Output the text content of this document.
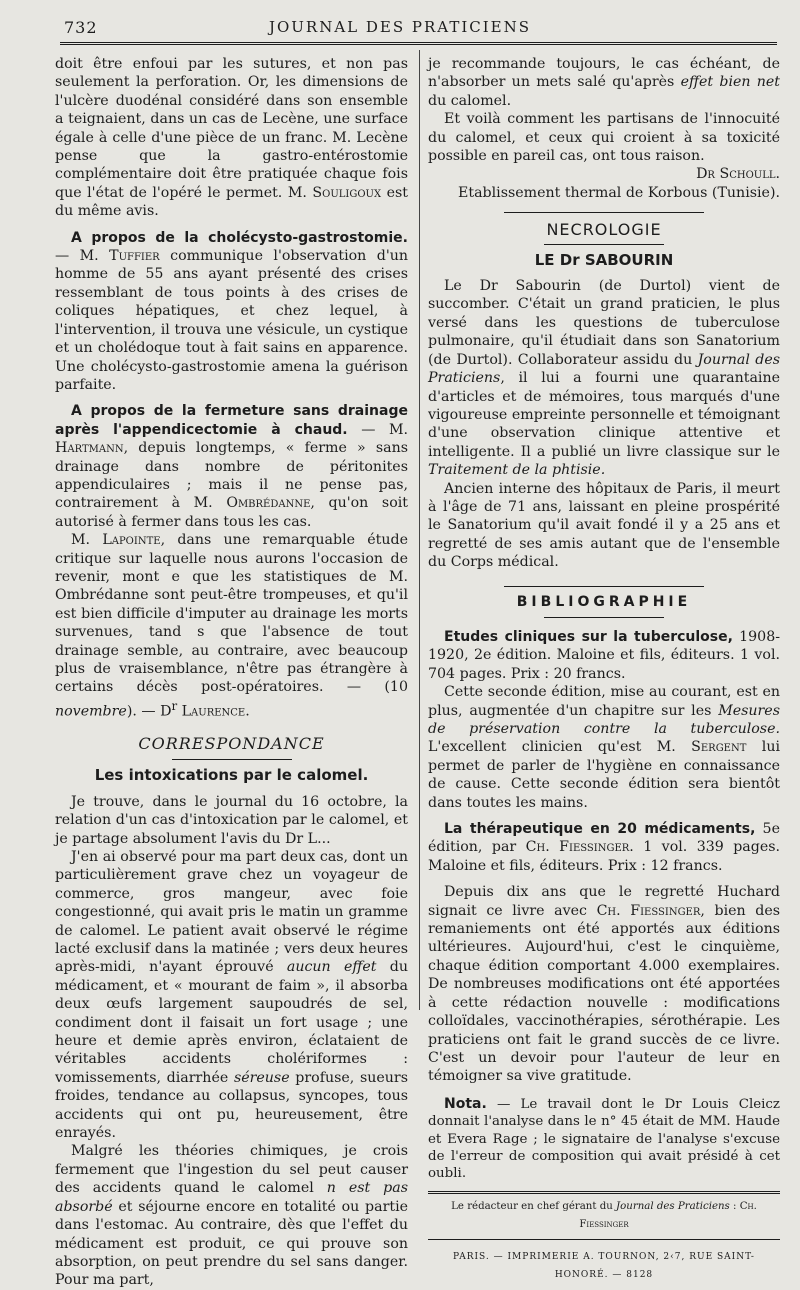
732	JOURNAL DES PRATICIENS

doit être enfoui par les sutures, et non pas seulement la perforation. Or, les dimensions de l'ulcère duodénal considéré dans son ensemble a teignaient, dans un cas de Lecène, une surface égale à celle d'une pièce de un franc. M. Lecène pense que la gastro-entérostomie complémentaire doit être pratiquée chaque fois que l'état de l'opéré le permet. M. Souligoux est du même avis.

A propos de la cholécysto-gastrostomie. — M. Tuffier communique l'observation d'un homme de 55 ans ayant présenté des crises ressemblant de tous points à des crises de coliques hépatiques, et chez lequel, à l'intervention, il trouva une vésicule, un cystique et un cholédoque tout à fait sains en apparence. Une cholécysto-gastrostomie amena la guérison parfaite.

A propos de la fermeture sans drainage après l'appendicectomie à chaud. — M. Hartmann, depuis longtemps, « ferme » sans drainage dans nombre de péritonites appendiculaires ; mais il ne pense pas, contrairement à M. Ombrédanne, qu'on soit autorisé à fermer dans tous les cas.

M. Lapointe, dans une remarquable étude critique sur laquelle nous aurons l'occasion de revenir, mont e que les statistiques de M. Ombrédanne sont peut-être trompeuses, et qu'il est bien difficile d'imputer au drainage les morts survenues, tand s que l'absence de tout drainage semble, au contraire, avec beaucoup plus de vraisemblance, n'être pas étrangère à certains décès post-opératoires. — (10 novembre). — $D^r$ Laurence.

CORRESPONDANCE
Les intoxications par le calomel.

Je trouve, dans le journal du 16 octobre, la relation d'un cas d'intoxication par le calomel, et je partage absolument l'avis du Dr L...

J'en ai observé pour ma part deux cas, dont un particulièrement grave chez un voyageur de commerce, gros mangeur, avec foie congestionné, qui avait pris le matin un gramme de calomel. Le patient avait observé le régime lacté exclusif dans la matinée ; vers deux heures après-midi, n'ayant éprouvé aucun effet du médicament, et « mourant de faim », il absorba deux œufs largement saupoudrés de sel, condiment dont il faisait un fort usage ; une heure et demie après environ, éclataient de véritables accidents cholériformes : vomissements, diarrhée séreuse profuse, sueurs froides, tendance au collapsus, syncopes, tous accidents qui ont pu, heureusement, être enrayés.

Malgré les théories chimiques, je crois fermement que l'ingestion du sel peut causer des accidents quand le calomel n est pas absorbé et séjourne encore en totalité ou partie dans l'estomac. Au contraire, dès que l'effet du médicament est produit, ce qui prouve son absorption, on peut prendre du sel sans danger. Pour ma part,

je recommande toujours, le cas échéant, de n'absorber un mets salé qu'après effet bien net du calomel.

Et voilà comment les partisans de l'innocuité du calomel, et ceux qui croient à sa toxicité possible en pareil cas, ont tous raison.

Dr Schoull.

Etablissement thermal de Korbous (Tunisie).

NECROLOGIE
LE Dr SABOURIN

Le Dr Sabourin (de Durtol) vient de succomber. C'était un grand praticien, le plus versé dans les questions de tuberculose pulmonaire, qu'il étudiait dans son Sanatorium (de Durtol). Collaborateur assidu du Journal des Praticiens, il lui a fourni une quarantaine d'articles et de mémoires, tous marqués d'une vigoureuse empreinte personnelle et témoignant d'une observation clinique attentive et intelligente. Il a publié un livre classique sur le Traitement de la phtisie.

Ancien interne des hôpitaux de Paris, il meurt à l'âge de 71 ans, laissant en pleine prospérité le Sanatorium qu'il avait fondé il y a 25 ans et regretté de ses amis autant que de l'ensemble du Corps médical.

BIBLIOGRAPHIE

Etudes cliniques sur la tuberculose, 1908-1920, 2e édition. Maloine et fils, éditeurs. 1 vol. 704 pages. Prix : 20 francs.

Cette seconde édition, mise au courant, est en plus, augmentée d'un chapitre sur les Mesures de préservation contre la tuberculose. L'excellent clinicien qu'est M. Sergent lui permet de parler de l'hygiène en connaissance de cause. Cette seconde édition sera bientôt dans toutes les mains.

La thérapeutique en 20 médicaments, 5e édition, par Ch. Fiessinger. 1 vol. 339 pages. Maloine et fils, éditeurs. Prix : 12 francs.

Depuis dix ans que le regretté Huchard signait ce livre avec Ch. Fiessinger, bien des remaniements ont été apportés aux éditions ultérieures. Aujourd'hui, c'est le cinquième, chaque édition comportant 4.000 exemplaires. De nombreuses modifications ont été apportées à cette rédaction nouvelle : modifications colloïdales, vaccinothérapies, sérothérapie. Les praticiens ont fait le grand succès de ce livre. C'est un devoir pour l'auteur de leur en témoigner sa vive gratitude.

Nota. — Le travail dont le Dr Louis Cleicz donnait l'analyse dans le n° 45 était de MM. Haude et Evera Rage ; le signataire de l'analyse s'excuse de l'erreur de composition qui avait présidé à cet oubli.

Le rédacteur en chef gérant du Journal des Praticiens : Ch. Fiessinger

PARIS. — IMPRIMERIE A. TOURNON, 2‹7, RUE SAINT-HONORÉ. — 8128
